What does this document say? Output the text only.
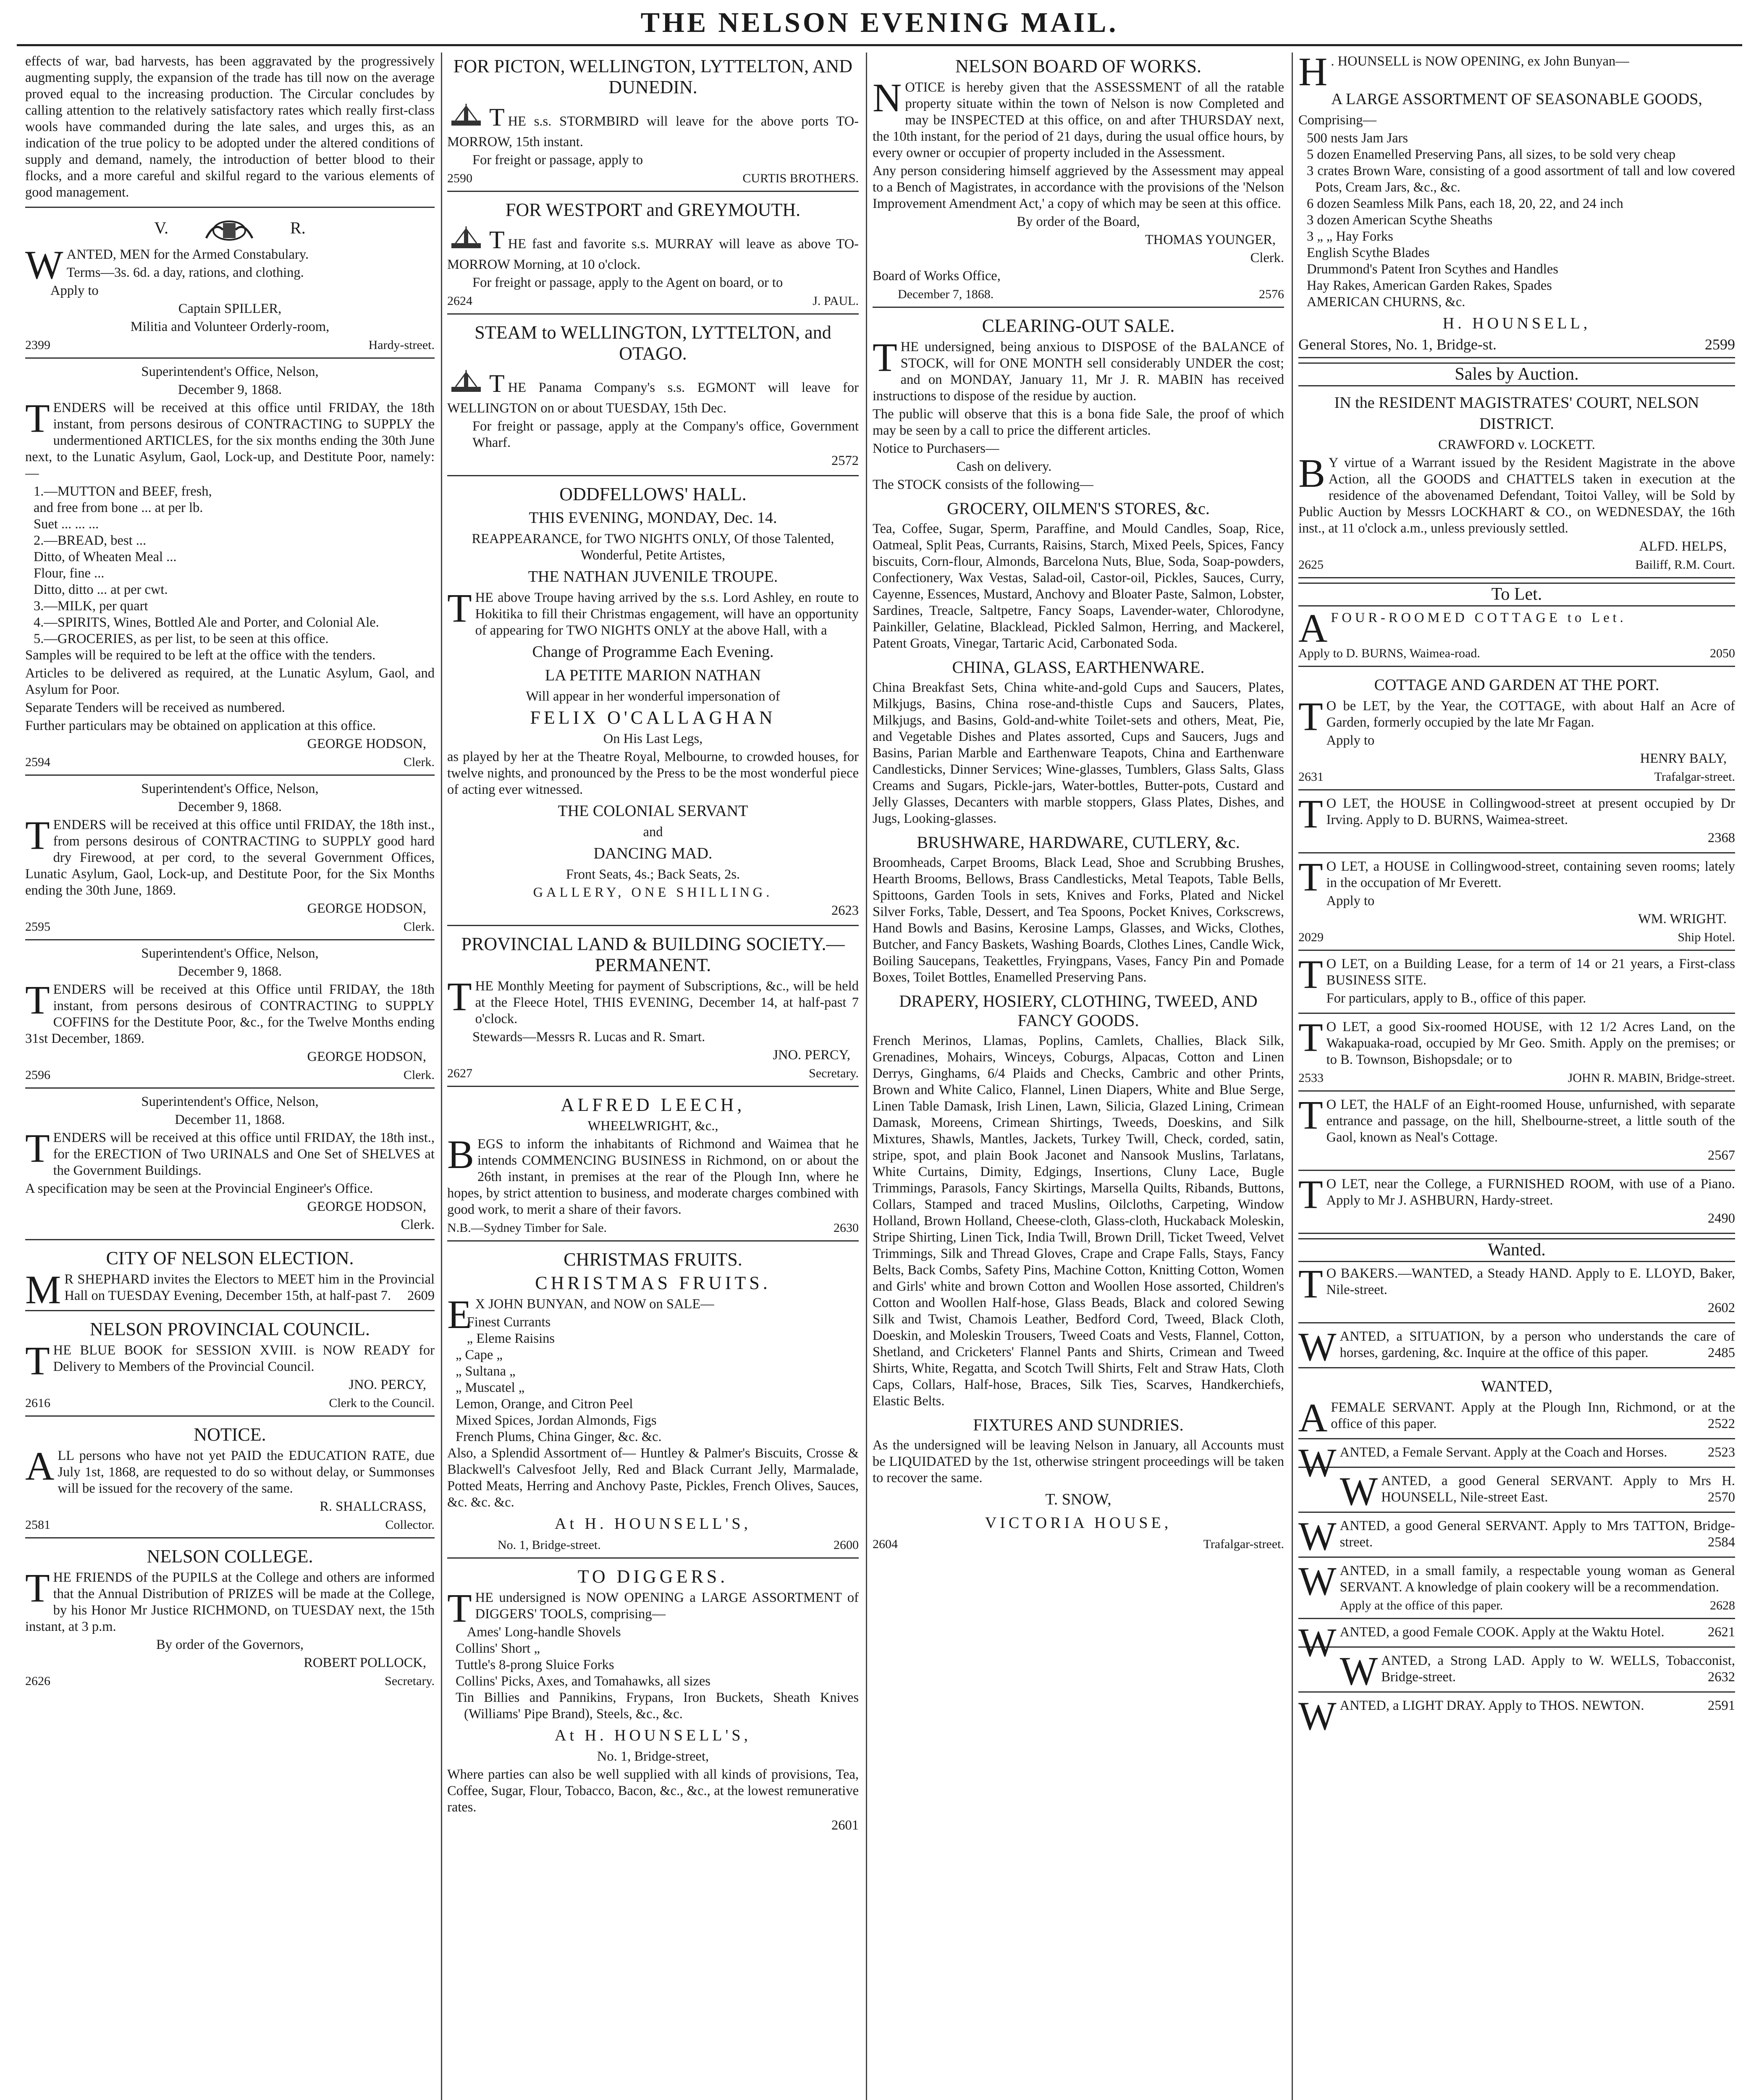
THE NELSON EVENING MAIL.

effects of war, bad harvests, has been aggravated by the progressively augmenting supply, the expansion of the trade has till now on the average proved equal to the increasing production. The Circular concludes by calling attention to the relatively satisfactory rates which really first-class wools have commanded during the late sales, and urges this, as an indication of the true policy to be adopted under the altered conditions of supply and demand, namely, the introduction of better blood to their flocks, and a more careful and skilful regard to the various elements of good management.

V.	R.

WANTED, MEN for the Armed Constabulary.

Terms—3s. 6d. a day, rations, and clothing.

Apply to

Captain SPILLER,

Militia and Volunteer Orderly-room,

2399	Hardy-street.

Superintendent's Office, Nelson,

December 9, 1868.

TENDERS will be received at this office until FRIDAY, the 18th instant, from persons desirous of CONTRACTING to SUPPLY the undermentioned ARTICLES, for the six months ending the 30th June next, to the Lunatic Asylum, Gaol, Lock-up, and Destitute Poor, namely:—

1.—MUTTON and BEEF, fresh,
and free from bone ... at per lb.
Suet ... ... ...
2.—BREAD, best ...
Ditto, of Wheaten Meal ...
Flour, fine ...
Ditto, ditto ... at per cwt.
3.—MILK, per quart
4.—SPIRITS, Wines, Bottled Ale and Porter, and Colonial Ale.
5.—GROCERIES, as per list, to be seen at this office.

Samples will be required to be left at the office with the tenders.

Articles to be delivered as required, at the Lunatic Asylum, Gaol, and Asylum for Poor.

Separate Tenders will be received as numbered.

Further particulars may be obtained on application at this office.

GEORGE HODSON,

2594	Clerk.

Superintendent's Office, Nelson,

December 9, 1868.

TENDERS will be received at this office until FRIDAY, the 18th inst., from persons desirous of CONTRACTING to SUPPLY good hard dry Firewood, at per cord, to the several Government Offices, Lunatic Asylum, Gaol, Lock-up, and Destitute Poor, for the Six Months ending the 30th June, 1869.

GEORGE HODSON,

2595	Clerk.

Superintendent's Office, Nelson,

December 9, 1868.

TENDERS will be received at this Office until FRIDAY, the 18th instant, from persons desirous of CONTRACTING to SUPPLY COFFINS for the Destitute Poor, &c., for the Twelve Months ending 31st December, 1869.

GEORGE HODSON,

2596	Clerk.

Superintendent's Office, Nelson,

December 11, 1868.

TENDERS will be received at this office until FRIDAY, the 18th inst., for the ERECTION of Two URINALS and One Set of SHELVES at the Government Buildings.

A specification may be seen at the Provincial Engineer's Office.

GEORGE HODSON,

Clerk.

CITY OF NELSON ELECTION.

M R SHEPHARD invites the Electors to MEET him in the Provincial Hall on TUESDAY Evening, December 15th, at half-past 7. 2609

NELSON PROVINCIAL COUNCIL.

THE BLUE BOOK for SESSION XVIII. is NOW READY for Delivery to Members of the Provincial Council.

JNO. PERCY,

2616	Clerk to the Council.
NOTICE.

ALL persons who have not yet PAID the EDUCATION RATE, due July 1st, 1868, are requested to do so without delay, or Summonses will be issued for the recovery of the same.

R. SHALLCRASS,

2581	Collector.
NELSON COLLEGE.

THE FRIENDS of the PUPILS at the College and others are informed that the Annual Distribution of PRIZES will be made at the College, by his Honor Mr Justice RICHMOND, on TUESDAY next, the 15th instant, at 3 p.m.

By order of the Governors,

ROBERT POLLOCK,

2626	Secretary.
FOR PICTON, WELLINGTON, LYTTELTON, AND DUNEDIN.

THE s.s. STORMBIRD will leave for the above ports TO-MORROW, 15th instant.

For freight or passage, apply to

2590	CURTIS BROTHERS.
FOR WESTPORT and GREYMOUTH.

THE fast and favorite s.s. MURRAY will leave as above TO-MORROW Morning, at 10 o'clock.

For freight or passage, apply to the Agent on board, or to

2624	J. PAUL.
STEAM to WELLINGTON, LYTTELTON, and OTAGO.

THE Panama Company's s.s. EGMONT will leave for WELLINGTON on or about TUESDAY, 15th Dec.

For freight or passage, apply at the Company's office, Government Wharf.

2572

ODDFELLOWS' HALL.
THIS EVENING, MONDAY, Dec. 14.

REAPPEARANCE, for TWO NIGHTS ONLY, Of those Talented, Wonderful, Petite Artistes,

THE NATHAN JUVENILE TROUPE.

THE above Troupe having arrived by the s.s. Lord Ashley, en route to Hokitika to fill their Christmas engagement, will have an opportunity of appearing for TWO NIGHTS ONLY at the above Hall, with a

Change of Programme Each Evening.
LA PETITE MARION NATHAN

Will appear in her wonderful impersonation of

FELIX O'CALLAGHAN

On His Last Legs,

as played by her at the Theatre Royal, Melbourne, to crowded houses, for twelve nights, and pronounced by the Press to be the most wonderful piece of acting ever witnessed.

THE COLONIAL SERVANT

and

DANCING MAD.

Front Seats, 4s.; Back Seats, 2s.

GALLERY, ONE SHILLING.

2623

PROVINCIAL LAND & BUILDING SOCIETY.—PERMANENT.

THE Monthly Meeting for payment of Subscriptions, &c., will be held at the Fleece Hotel, THIS EVENING, December 14, at half-past 7 o'clock.

Stewards—Messrs R. Lucas and R. Smart.

JNO. PERCY,

2627	Secretary.
ALFRED LEECH,

WHEELWRIGHT, &c.,

BEGS to inform the inhabitants of Richmond and Waimea that he intends COMMENCING BUSINESS in Richmond, on or about the 26th instant, in premises at the rear of the Plough Inn, where he hopes, by strict attention to business, and moderate charges combined with good work, to merit a share of their favors.

N.B.—Sydney Timber for Sale.	2630
CHRISTMAS FRUITS.
CHRISTMAS FRUITS.

E X JOHN BUNYAN, and NOW on SALE—

Finest Currants
„ Eleme Raisins
„ Cape „
„ Sultana „
„ Muscatel „
Lemon, Orange, and Citron Peel
Mixed Spices, Jordan Almonds, Figs
French Plums, China Ginger, &c. &c.

Also, a Splendid Assortment of— Huntley & Palmer's Biscuits, Crosse & Blackwell's Calvesfoot Jelly, Red and Black Currant Jelly, Marmalade, Potted Meats, Herring and Anchovy Paste, Pickles, French Olives, Sauces, &c. &c. &c.

At H. HOUNSELL'S,
No. 1, Bridge-street.	2600
TO DIGGERS.

THE undersigned is NOW OPENING a LARGE ASSORTMENT of DIGGERS' TOOLS, comprising—

Ames' Long-handle Shovels
Collins' Short „
Tuttle's 8-prong Sluice Forks
Collins' Picks, Axes, and Tomahawks, all sizes
Tin Billies and Pannikins, Frypans, Iron Buckets, Sheath Knives (Williams' Pipe Brand), Steels, &c., &c.
At H. HOUNSELL'S,

No. 1, Bridge-street,

Where parties can also be well supplied with all kinds of provisions, Tea, Coffee, Sugar, Flour, Tobacco, Bacon, &c., &c., at the lowest remunerative rates.

2601

NELSON BOARD OF WORKS.

NOTICE is hereby given that the ASSESSMENT of all the ratable property situate within the town of Nelson is now Completed and may be INSPECTED at this office, on and after THURSDAY next, the 10th instant, for the period of 21 days, during the usual office hours, by every owner or occupier of property included in the Assessment.

Any person considering himself aggrieved by the Assessment may appeal to a Bench of Magistrates, in accordance with the provisions of the 'Nelson Improvement Amendment Act,' a copy of which may be seen at this office.

By order of the Board,

THOMAS YOUNGER,

Clerk.

Board of Works Office,

December 7, 1868.	2576
CLEARING-OUT SALE.

THE undersigned, being anxious to DISPOSE of the BALANCE of STOCK, will for ONE MONTH sell considerably UNDER the cost; and on MONDAY, January 11, Mr J. R. MABIN has received instructions to dispose of the residue by auction.

The public will observe that this is a bona fide Sale, the proof of which may be seen by a call to price the different articles.

Notice to Purchasers—

Cash on delivery.

The STOCK consists of the following—

GROCERY, OILMEN'S STORES, &c.

Tea, Coffee, Sugar, Sperm, Paraffine, and Mould Candles, Soap, Rice, Oatmeal, Split Peas, Currants, Raisins, Starch, Mixed Peels, Spices, Fancy biscuits, Corn-flour, Almonds, Barcelona Nuts, Blue, Soda, Soap-powders, Confectionery, Wax Vestas, Salad-oil, Castor-oil, Pickles, Sauces, Curry, Cayenne, Essences, Mustard, Anchovy and Bloater Paste, Salmon, Lobster, Sardines, Treacle, Saltpetre, Fancy Soaps, Lavender-water, Chlorodyne, Painkiller, Gelatine, Blacklead, Pickled Salmon, Herring, and Mackerel, Patent Groats, Vinegar, Tartaric Acid, Carbonated Soda.

CHINA, GLASS, EARTHENWARE.

China Breakfast Sets, China white-and-gold Cups and Saucers, Plates, Milkjugs, Basins, China rose-and-thistle Cups and Saucers, Plates, Milkjugs, and Basins, Gold-and-white Toilet-sets and others, Meat, Pie, and Vegetable Dishes and Plates assorted, Cups and Saucers, Jugs and Basins, Parian Marble and Earthenware Teapots, China and Earthenware Candlesticks, Dinner Services; Wine-glasses, Tumblers, Glass Salts, Glass Creams and Sugars, Pickle-jars, Water-bottles, Butter-pots, Custard and Jelly Glasses, Decanters with marble stoppers, Glass Plates, Dishes, and Jugs, Looking-glasses.

BRUSHWARE, HARDWARE, CUTLERY, &c.

Broomheads, Carpet Brooms, Black Lead, Shoe and Scrubbing Brushes, Hearth Brooms, Bellows, Brass Candlesticks, Metal Teapots, Table Bells, Spittoons, Garden Tools in sets, Knives and Forks, Plated and Nickel Silver Forks, Table, Dessert, and Tea Spoons, Pocket Knives, Corkscrews, Hand Bowls and Basins, Kerosine Lamps, Glasses, and Wicks, Clothes, Butcher, and Fancy Baskets, Washing Boards, Clothes Lines, Candle Wick, Boiling Saucepans, Teakettles, Fryingpans, Vases, Fancy Pin and Pomade Boxes, Toilet Bottles, Enamelled Preserving Pans.

DRAPERY, HOSIERY, CLOTHING, TWEED, AND FANCY GOODS.

French Merinos, Llamas, Poplins, Camlets, Challies, Black Silk, Grenadines, Mohairs, Winceys, Coburgs, Alpacas, Cotton and Linen Derrys, Ginghams, 6/4 Plaids and Checks, Cambric and other Prints, Brown and White Calico, Flannel, Linen Diapers, White and Blue Serge, Linen Table Damask, Irish Linen, Lawn, Silicia, Glazed Lining, Crimean Damask, Moreens, Crimean Shirtings, Tweeds, Doeskins, and Silk Mixtures, Shawls, Mantles, Jackets, Turkey Twill, Check, corded, satin, stripe, spot, and plain Book Jaconet and Nansook Muslins, Tarlatans, White Curtains, Dimity, Edgings, Insertions, Cluny Lace, Bugle Trimmings, Parasols, Fancy Skirtings, Marsella Quilts, Ribands, Buttons, Collars, Stamped and traced Muslins, Oilcloths, Carpeting, Window Holland, Brown Holland, Cheese-cloth, Glass-cloth, Huckaback Moleskin, Stripe Shirting, Linen Tick, India Twill, Brown Drill, Ticket Tweed, Velvet Trimmings, Silk and Thread Gloves, Crape and Crape Falls, Stays, Fancy Belts, Back Combs, Safety Pins, Machine Cotton, Knitting Cotton, Women and Girls' white and brown Cotton and Woollen Hose assorted, Children's Cotton and Woollen Half-hose, Glass Beads, Black and colored Sewing Silk and Twist, Chamois Leather, Bedford Cord, Tweed, Black Cloth, Doeskin, and Moleskin Trousers, Tweed Coats and Vests, Flannel, Cotton, Shetland, and Cricketers' Flannel Pants and Shirts, Crimean and Tweed Shirts, White, Regatta, and Scotch Twill Shirts, Felt and Straw Hats, Cloth Caps, Collars, Half-hose, Braces, Silk Ties, Scarves, Handkerchiefs, Elastic Belts.

FIXTURES AND SUNDRIES.

As the undersigned will be leaving Nelson in January, all Accounts must be LIQUIDATED by the 1st, otherwise stringent proceedings will be taken to recover the same.

T. SNOW,
VICTORIA HOUSE,
2604	Trafalgar-street.

H . HOUNSELL is NOW OPENING, ex John Bunyan—

A LARGE ASSORTMENT OF SEASONABLE GOODS,

Comprising—

500 nests Jam Jars
5 dozen Enamelled Preserving Pans, all sizes, to be sold very cheap
3 crates Brown Ware, consisting of a good assortment of tall and low covered Pots, Cream Jars, &c., &c.
6 dozen Seamless Milk Pans, each 18, 20, 22, and 24 inch
3 dozen American Scythe Sheaths
3 „ „ Hay Forks
English Scythe Blades
Drummond's Patent Iron Scythes and Handles
Hay Rakes, American Garden Rakes, Spades
AMERICAN CHURNS, &c.
H. HOUNSELL,
General Stores, No. 1, Bridge-st.	2599
Sales by Auction.
IN the RESIDENT MAGISTRATES' COURT, NELSON DISTRICT.

CRAWFORD v. LOCKETT.

B Y virtue of a Warrant issued by the Resident Magistrate in the above Action, all the GOODS and CHATTELS taken in execution at the residence of the abovenamed Defendant, Toitoi Valley, will be Sold by Public Auction by Messrs LOCKHART & CO., on WEDNESDAY, the 16th inst., at 11 o'clock a.m., unless previously settled.

ALFD. HELPS,

2625	Bailiff, R.M. Court.
To Let.

AFOUR-ROOMED COTTAGE to Let.

Apply to D. BURNS, Waimea-road.	2050
COTTAGE AND GARDEN AT THE PORT.

T O be LET, by the Year, the COTTAGE, with about Half an Acre of Garden, formerly occupied by the late Mr Fagan.

Apply to

HENRY BALY,

2631	Trafalgar-street.

T O LET, the HOUSE in Collingwood-street at present occupied by Dr Irving. Apply to D. BURNS, Waimea-street.

2368

T O LET, a HOUSE in Collingwood-street, containing seven rooms; lately in the occupation of Mr Everett.

Apply to

WM. WRIGHT.

2029	Ship Hotel.

T O LET, on a Building Lease, for a term of 14 or 21 years, a First-class BUSINESS SITE.

For particulars, apply to B., office of this paper.

T O LET, a good Six-roomed HOUSE, with 12 1/2 Acres Land, on the Wakapuaka-road, occupied by Mr Geo. Smith. Apply on the premises; or to B. Townson, Bishopsdale; or to

2533	JOHN R. MABIN, Bridge-street.

T O LET, the HALF of an Eight-roomed House, unfurnished, with separate entrance and passage, on the hill, Shelbourne-street, a little south of the Gaol, known as Neal's Cottage.

2567

T O LET, near the College, a FURNISHED ROOM, with use of a Piano. Apply to Mr J. ASHBURN, Hardy-street.

2490

Wanted.

T O BAKERS.—WANTED, a Steady HAND. Apply to E. LLOYD, Baker, Nile-street.

2602

WANTED, a SITUATION, by a person who understands the care of horses, gardening, &c. Inquire at the office of this paper.	2485

WANTED,

AFEMALE SERVANT. Apply at the Plough Inn, Richmond, or at the office of this paper.	2522

WANTED, a Female Servant. Apply at the Coach and Horses.	2523

WANTED, a good General SERVANT. Apply to Mrs H. HOUNSELL, Nile-street East.	2570

WANTED, a good General SERVANT. Apply to Mrs TATTON, Bridge-street.	2584

WANTED, in a small family, a respectable young woman as General SERVANT. A knowledge of plain cookery will be a recommendation.

Apply at the office of this paper.	2628

WANTED, a good Female COOK. Apply at the Waktu Hotel.	2621

WANTED, a Strong LAD. Apply to W. WELLS, Tobacconist, Bridge-street.	2632

WANTED, a LIGHT DRAY. Apply to THOS. NEWTON.	2591
